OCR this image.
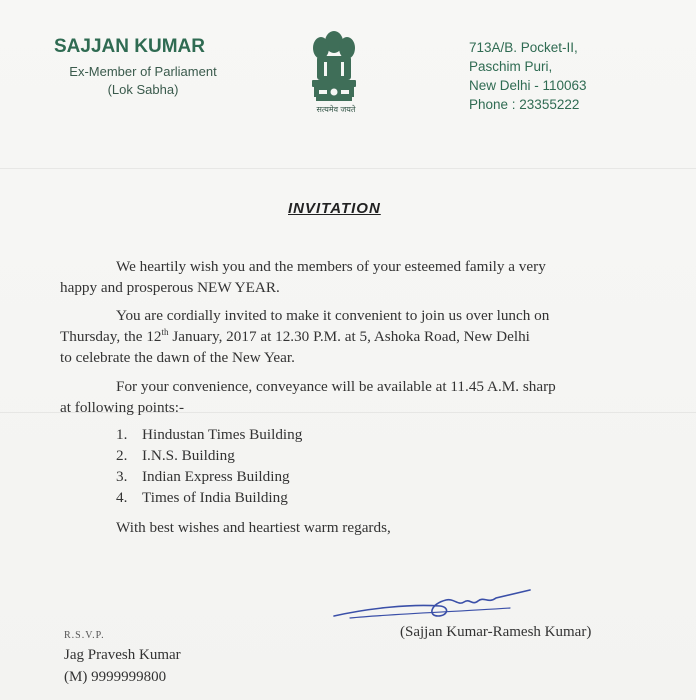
SAJJAN KUMAR
Ex-Member of Parliament
(Lok Sabha)
सत्यमेव जयते
713A/B. Pocket-II,
Paschim Puri,
New Delhi - 110063
Phone : 23355222
INVITATION
We heartily wish you and the members of your esteemed family a very
happy and prosperous NEW YEAR.
You are cordially invited to make it convenient to join us over lunch on
Thursday, the 12th January, 2017 at 12.30 P.M. at 5, Ashoka Road, New Delhi
to celebrate the dawn of the New Year.
For your convenience, conveyance will be available at 11.45 A.M. sharp
at following points:-
1. Hindustan Times Building
2. I.N.S. Building
3. Indian Express Building
4. Times of India Building
With best wishes and heartiest warm regards,
(Sajjan Kumar-Ramesh Kumar)
R.S.V.P.
Jag Pravesh Kumar
(M) 9999999800
